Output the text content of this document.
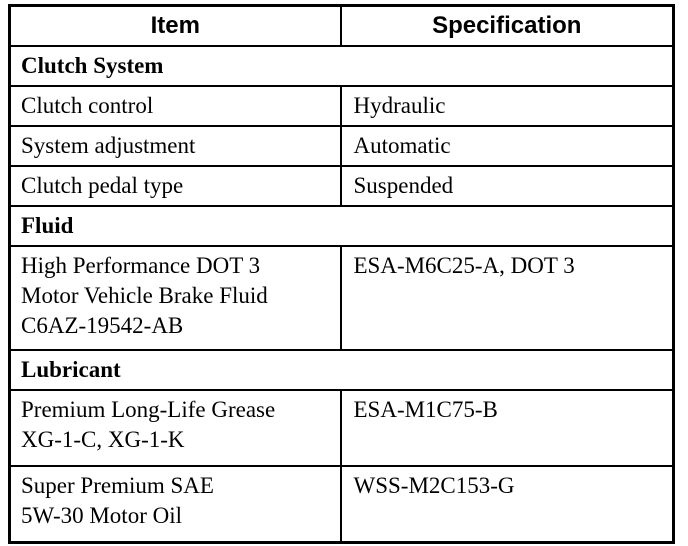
Item	Specification
Clutch System	
Clutch control	Hydraulic
System adjustment	Automatic
Clutch pedal type	Suspended
Fluid	

High Performance DOT 3
Motor Vehicle Brake Fluid
C6AZ-19542-AB	ESA-M6C25-A, DOT 3
Lubricant	

Premium Long-Life Grease
XG-1-C, XG-1-K	ESA-M1C75-B

Super Premium SAE
5W-30 Motor Oil	WSS-M2C153-G
